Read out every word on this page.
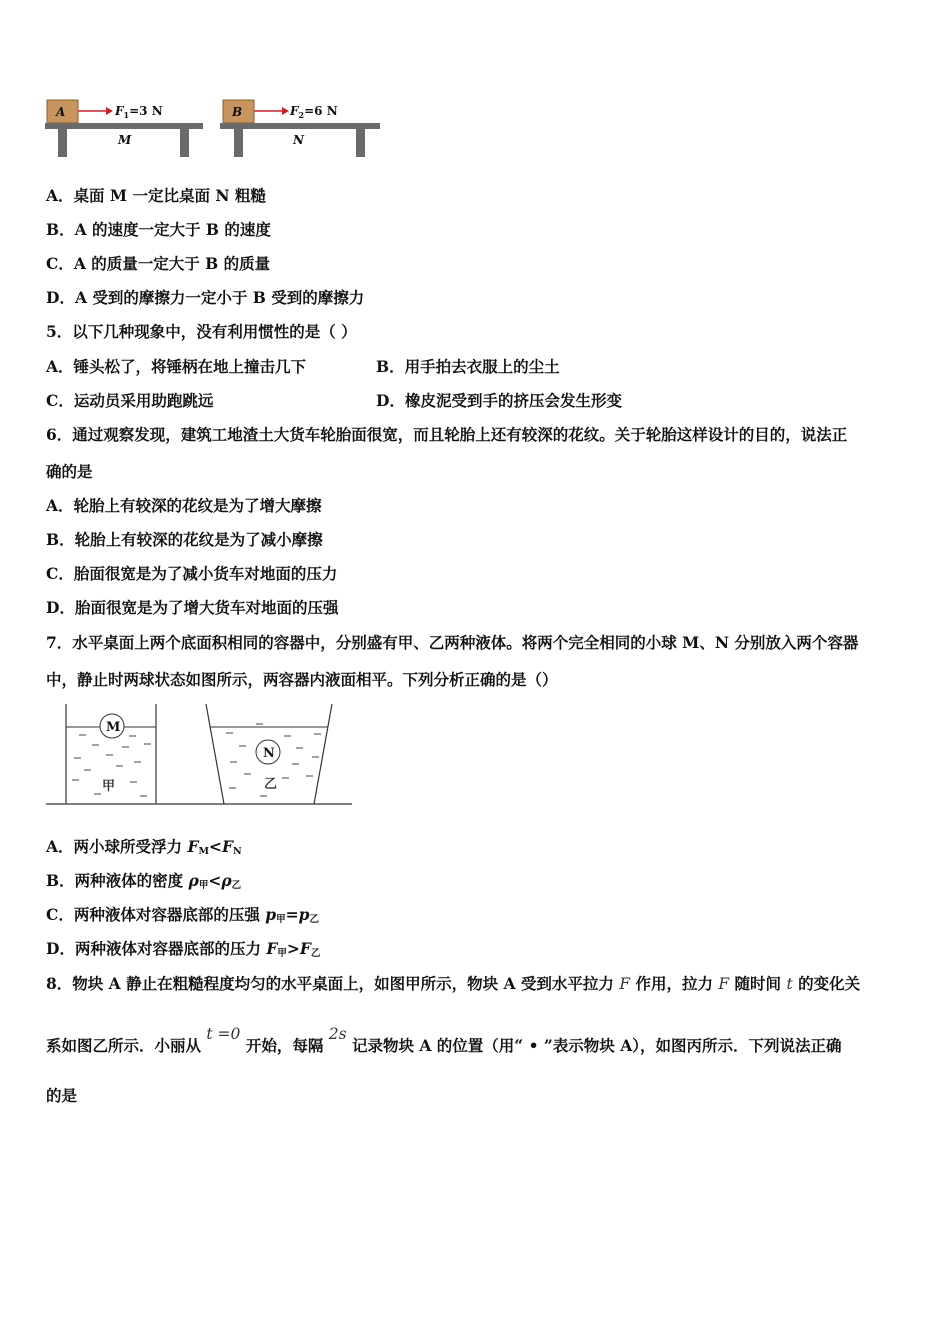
A	$F_1=3$ N
M
B	$F_2=6$ N
N
A．桌面 M 一定比桌面 N 粗糙
B．A 的速度一定大于 B 的速度
C．A 的质量一定大于 B 的质量
D．A 受到的摩擦力一定小于 B 受到的摩擦力
5．以下几种现象中，没有利用惯性的是（ ）
A．锤头松了，将锤柄在地上撞击几下	B．用手拍去衣服上的尘土
C．运动员采用助跑跳远	D．橡皮泥受到手的挤压会发生形变
6．通过观察发现，建筑工地渣土大货车轮胎面很宽，而且轮胎上还有较深的花纹。关于轮胎这样设计的目的，说法正
确的是
A．轮胎上有较深的花纹是为了增大摩擦
B．轮胎上有较深的花纹是为了减小摩擦
C．胎面很宽是为了减小货车对地面的压力
D．胎面很宽是为了增大货车对地面的压强
7．水平桌面上两个底面积相同的容器中，分别盛有甲、乙两种液体。将两个完全相同的小球 M、N 分别放入两个容器
中，静止时两球状态如图所示，两容器内液面相平。下列分析正确的是（）
M
甲
N
乙
A．两小球所受浮力 $F_M<F_N$
B．两种液体的密度 $\rho_甲<\rho_乙$
C．两种液体对容器底部的压强 $p_甲=p_乙$
D．两种液体对容器底部的压力 $F_甲>F_乙$
8．物块 A 静止在粗糙程度均匀的水平桌面上，如图甲所示，物块 A 受到水平拉力 F 作用，拉力 F 随时间 t 的变化关
系如图乙所示．小丽从 t =0 开始，每隔 2s 记录物块 A 的位置（用“ • ”表示物块 A），如图丙所示．下列说法正确
的是
